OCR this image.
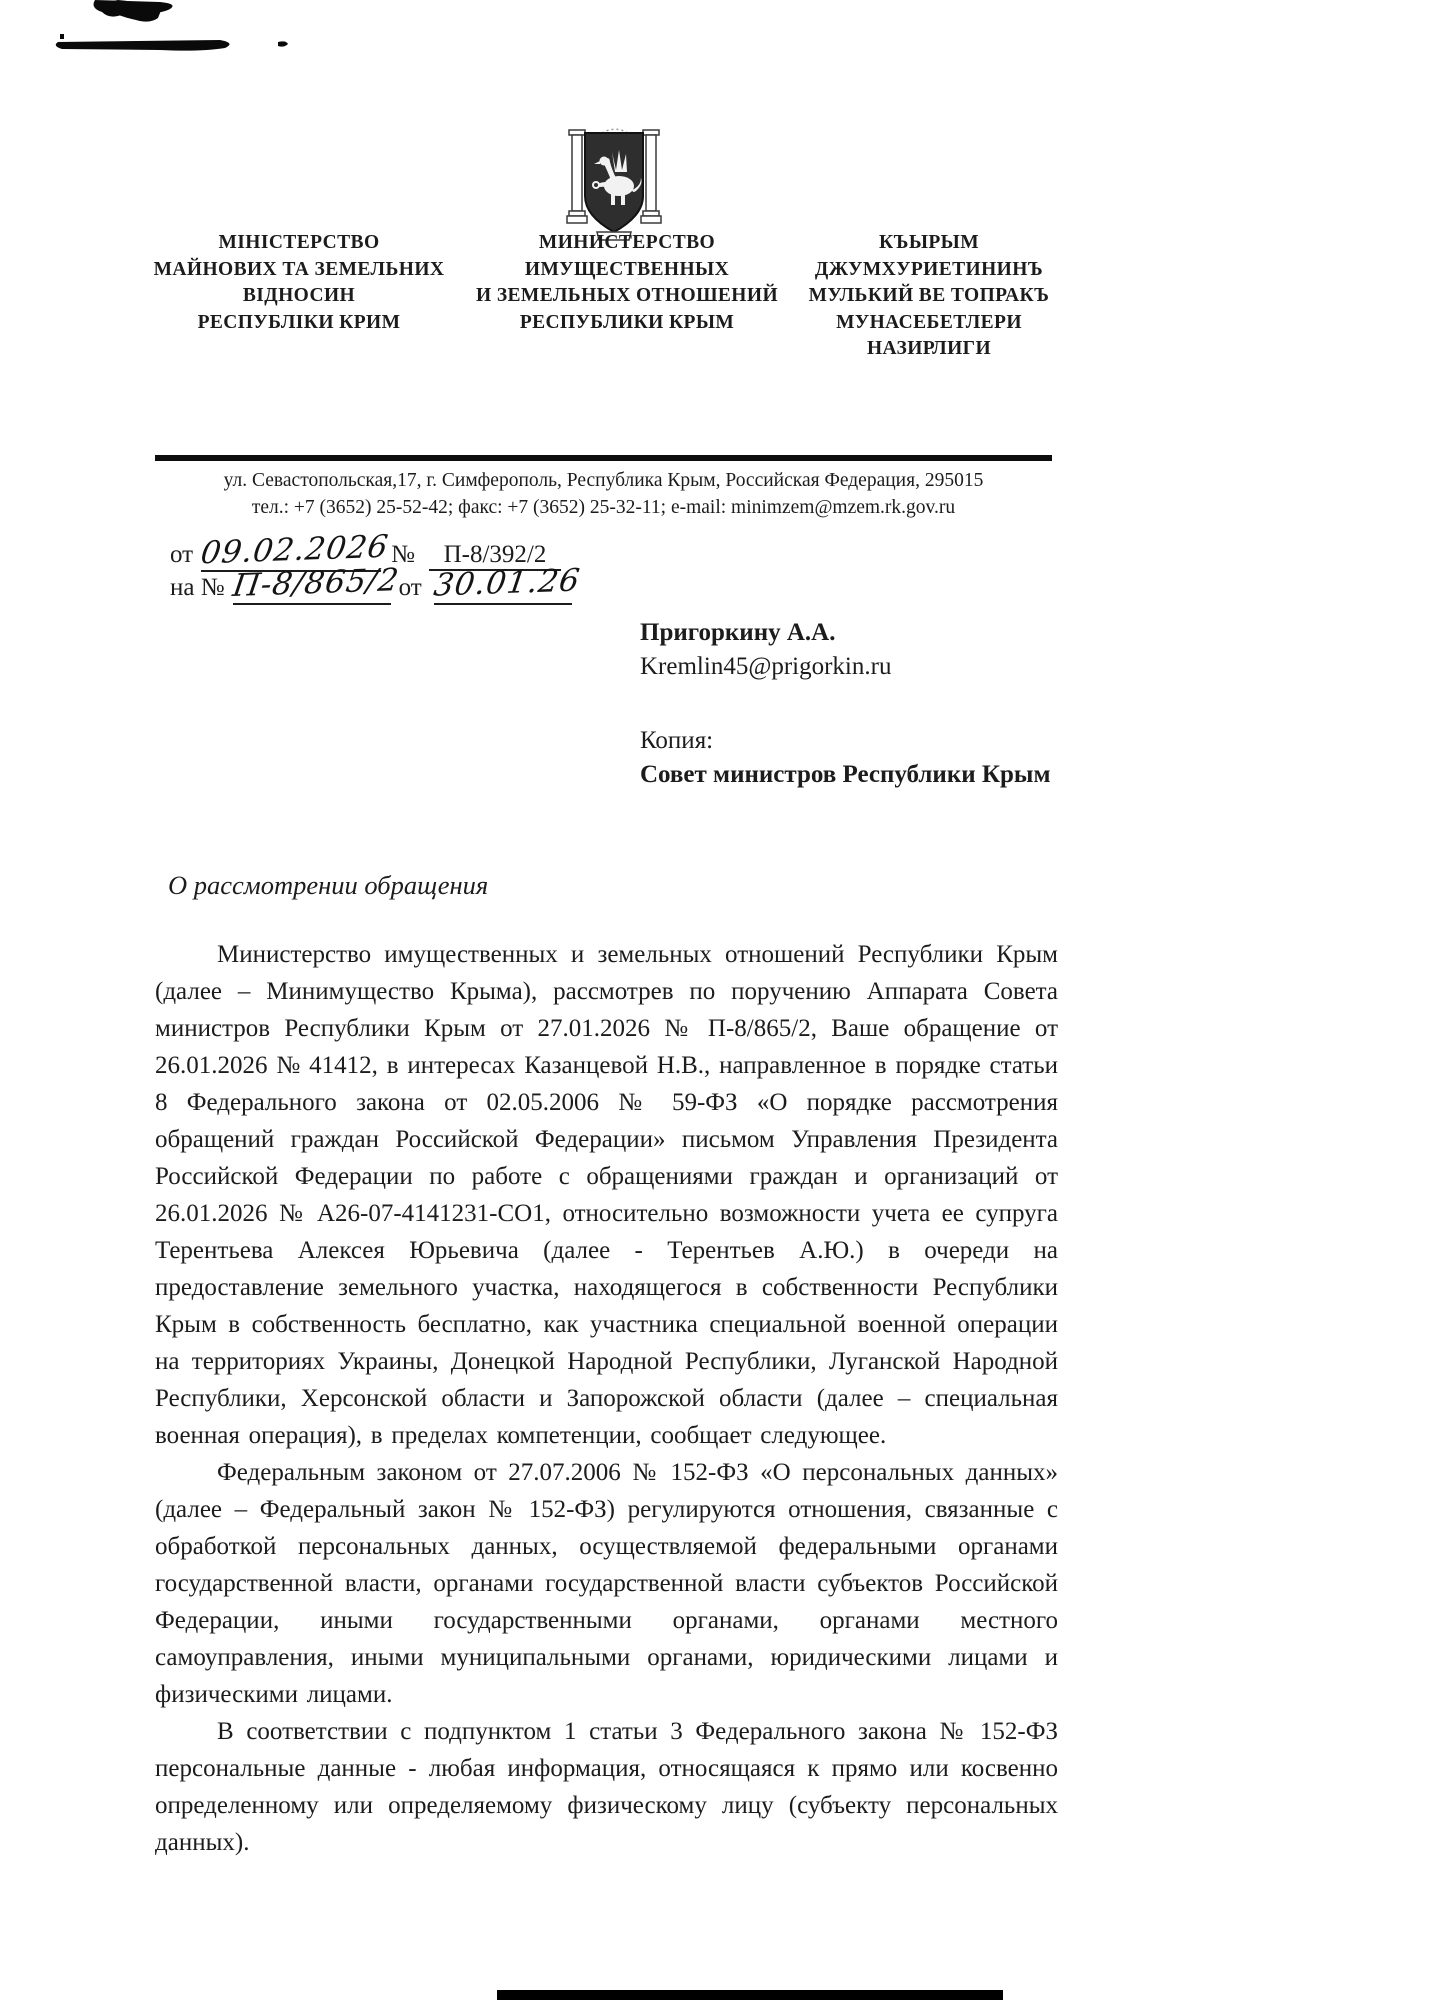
МІНІСТЕРСТВО
МАЙНОВИХ ТА ЗЕМЕЛЬНИХ
ВІДНОСИН
РЕСПУБЛІКИ КРИМ
МИНИСТЕРСТВО
ИМУЩЕСТВЕННЫХ
И ЗЕМЕЛЬНЫХ ОТНОШЕНИЙ
РЕСПУБЛИКИ КРЫМ
КЪЫРЫМ
ДЖУМХУРИЕТИНИНЪ
МУЛЬКИЙ ВЕ ТОПРАКЪ
МУНАСЕБЕТЛЕРИ
НАЗИРЛИГИ
ул. Севастопольская,17, г. Симферополь, Республика Крым, Российская Федерация, 295015
тел.: +7 (3652) 25-52-42; факс: +7 (3652) 25-32-11; e-mail: minimzem@mzem.rk.gov.ru
от 09.02.2026 №	П-8/392/2
на № П-8/865/2
от 30.01.26
Пригоркину А.А.
Kremlin45@prigorkin.ru
Копия:
Совет министров Республики Крым
О рассмотрении обращения

Министерство имущественных и земельных отношений Республики Крым (далее – Минимущество Крыма), рассмотрев по поручению Аппарата Совета министров Республики Крым от 27.01.2026 № П-8/865/2, Ваше обращение от 26.01.2026 № 41412, в интересах Казанцевой Н.В., направленное в порядке статьи 8 Федерального закона от 02.05.2006 № 59-ФЗ «О порядке рассмотрения обращений граждан Российской Федерации» письмом Управления Президента Российской Федерации по работе с обращениями граждан и организаций от 26.01.2026 № А26-07-4141231-СО1, относительно возможности учета ее супруга Терентьева Алексея Юрьевича (далее - Терентьев А.Ю.) в очереди на предоставление земельного участка, находящегося в собственности Республики Крым в собственность бесплатно, как участника специальной военной операции на территориях Украины, Донецкой Народной Республики, Луганской Народной Республики, Херсонской области и Запорожской области (далее – специальная военная операция), в пределах компетенции, сообщает следующее.

Федеральным законом от 27.07.2006 № 152-ФЗ «О персональных данных» (далее – Федеральный закон № 152-ФЗ) регулируются отношения, связанные с обработкой персональных данных, осуществляемой федеральными органами государственной власти, органами государственной власти субъектов Российской Федерации, иными государственными органами, органами местного самоуправления, иными муниципальными органами, юридическими лицами и физическими лицами.

В соответствии с подпунктом 1 статьи 3 Федерального закона № 152-ФЗ персональные данные - любая информация, относящаяся к прямо или косвенно определенному или определяемому физическому лицу (субъекту персональных данных).
